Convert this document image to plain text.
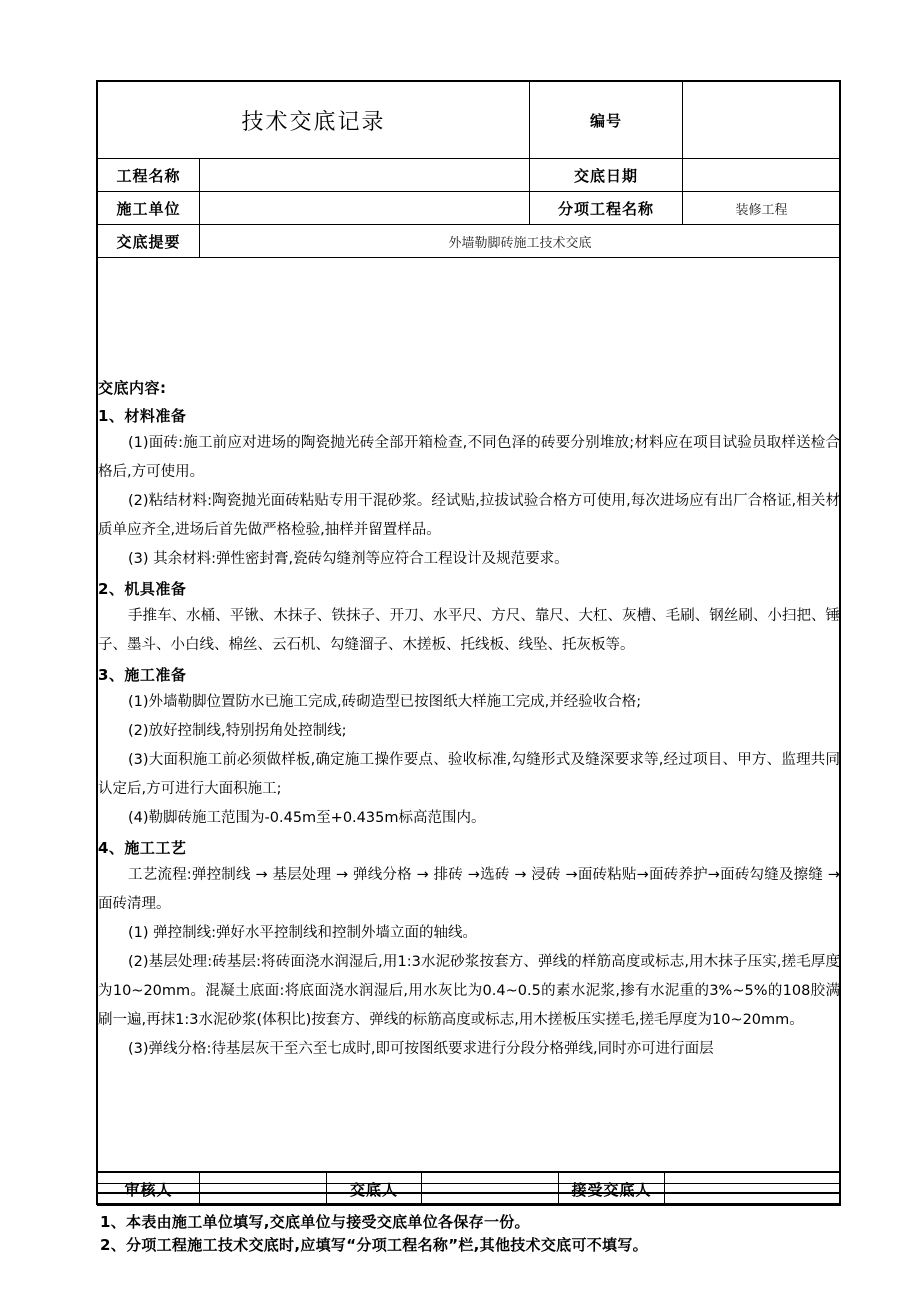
技术交底记录		编号	
工程名称		交底日期	
施工单位		分项工程名称	装修工程
交底提要	外墙勒脚砖施工技术交底		

交底内容:

1、材料准备

(1)面砖:施工前应对进场的陶瓷抛光砖全部开箱检查,不同色泽的砖要分别堆放;材料应在项目试验员取样送检合格后,方可使用。

(2)粘结材料:陶瓷抛光面砖粘贴专用干混砂浆。经试贴,拉拔试验合格方可使用,每次进场应有出厂合格证,相关材质单应齐全,进场后首先做严格检验,抽样并留置样品。

(3) 其余材料:弹性密封膏,瓷砖勾缝剂等应符合工程设计及规范要求。

2、机具准备

手推车、水桶、平锹、木抹子、铁抹子、开刀、水平尺、方尺、靠尺、大杠、灰槽、毛刷、钢丝刷、小扫把、锤子、墨斗、小白线、棉丝、云石机、勾缝溜子、木搓板、托线板、线坠、托灰板等。

3、施工准备

(1)外墙勒脚位置防水已施工完成,砖砌造型已按图纸大样施工完成,并经验收合格;

(2)放好控制线,特别拐角处控制线;

(3)大面积施工前必须做样板,确定施工操作要点、验收标准,勾缝形式及缝深要求等,经过项目、甲方、监理共同认定后,方可进行大面积施工;

(4)勒脚砖施工范围为-0.45m至+0.435m标高范围内。

4、施工工艺

工艺流程:弹控制线 → 基层处理 → 弹线分格 → 排砖 →选砖 → 浸砖 →面砖粘贴→面砖养护→面砖勾缝及擦缝 →面砖清理。

(1) 弹控制线:弹好水平控制线和控制外墙立面的轴线。

(2)基层处理:砖基层:将砖面浇水润湿后,用1:3水泥砂浆按套方、弹线的样筋高度或标志,用木抹子压实,搓毛厚度为10~20mm。混凝土底面:将底面浇水润湿后,用水灰比为0.4~0.5的素水泥浆,掺有水泥重的3%~5%的108胶满刷一遍,再抹1:3水泥砂浆(体积比)按套方、弹线的标筋高度或标志,用木搓板压实搓毛,搓毛厚度为10~20mm。

(3)弹线分格:待基层灰干至六至七成时,即可按图纸要求进行分段分格弹线,同时亦可进行面层

审核人		交底人		接受交底人	

1、本表由施工单位填写,交底单位与接受交底单位各保存一份。

2、分项工程施工技术交底时,应填写“分项工程名称”栏,其他技术交底可不填写。
